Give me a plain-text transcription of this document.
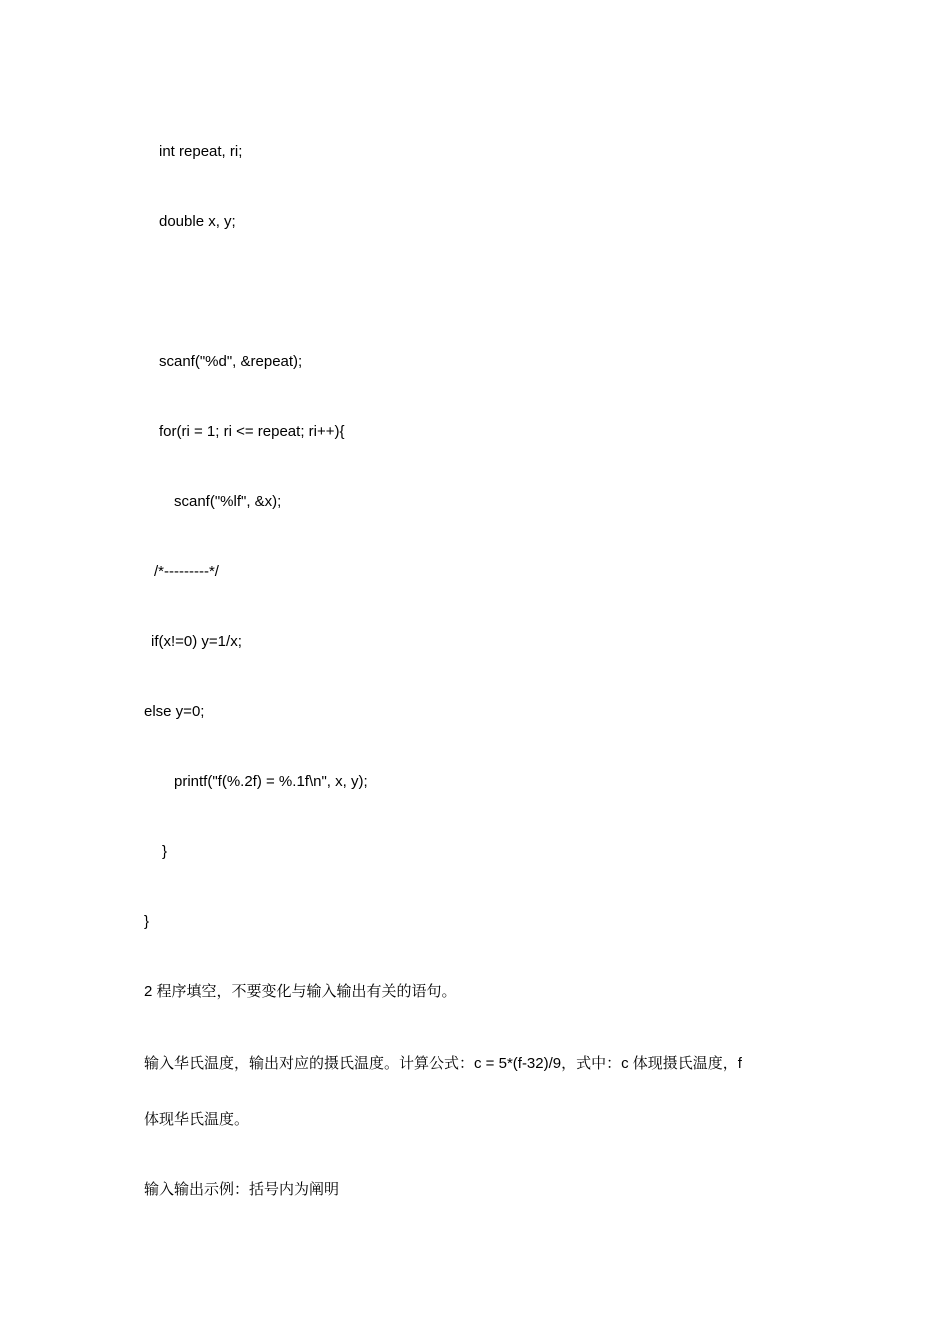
int repeat, ri;
double x, y;
scanf("%d", &repeat);
for(ri = 1; ri <= repeat; ri++){
scanf("%lf", &x);
/*---------*/
if(x!=0) y=1/x;
else y=0;
printf("f(%.2f) = %.1f\n", x, y);
}
}
2 程序填空，不要变化与输入输出有关的语句。
输入华氏温度，输出对应的摄氏温度。计算公式：c = 5*(f-32)/9，式中：c 体现摄氏温度，f
体现华氏温度。
输入输出示例：括号内为阐明
